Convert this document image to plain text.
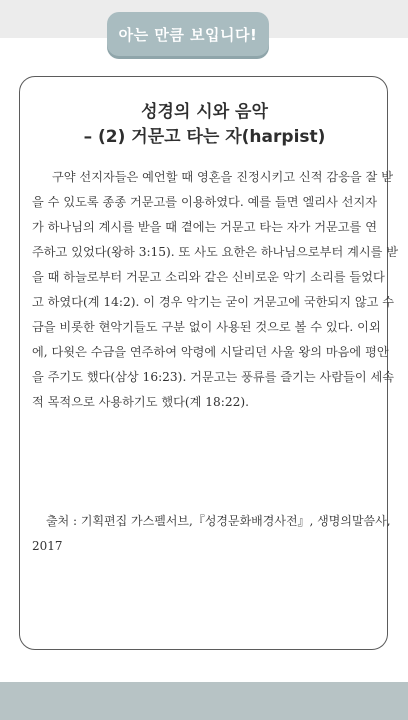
아는 만큼 보입니다!
성경의 시와 음악
– (2) 거문고 타는 자(harpist)
구약 선지자들은 예언할 때 영혼을 진정시키고 신적 감응을 잘 받
을 수 있도록 종종 거문고를 이용하였다. 예를 들면 엘리사 선지자
가 하나님의 계시를 받을 때 곁에는 거문고 타는 자가 거문고를 연
주하고 있었다(왕하 3:15). 또 사도 요한은 하나님으로부터 계시를 받
을 때 하늘로부터 거문고 소리와 같은 신비로운 악기 소리를 들었다
고 하였다(계 14:2). 이 경우 악기는 굳이 거문고에 국한되지 않고 수
금을 비롯한 현악기들도 구분 없이 사용된 것으로 볼 수 있다. 이외
에, 다윗은 수금을 연주하여 악령에 시달리던 사울 왕의 마음에 평안
을 주기도 했다(삼상 16:23). 거문고는 풍류를 즐기는 사람들이 세속
적 목적으로 사용하기도 했다(계 18:22).
출처 : 기획편집 가스펠서브,『성경문화배경사전』, 생명의말씀사,
2017
